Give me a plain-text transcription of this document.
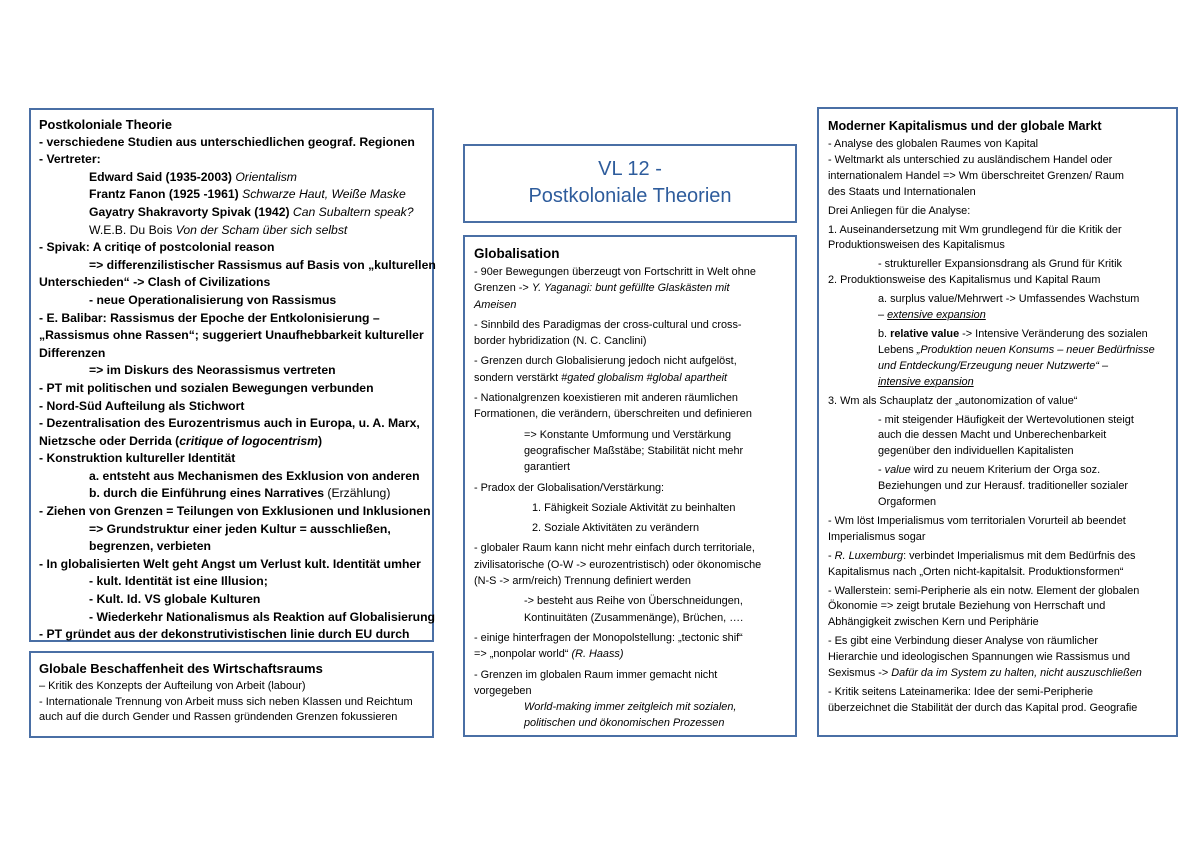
Postkoloniale Theorie
- verschiedene Studien aus unterschiedlichen geograf. Regionen
- Vertreter:
Edward Said (1935-2003) Orientalism
Frantz Fanon (1925 -1961) Schwarze Haut, Weiße Maske
Gayatry Shakravorty Spivak (1942) Can Subaltern speak?
W.E.B. Du Bois Von der Scham über sich selbst
- Spivak: A critiqe of postcolonial reason
=> differenzilistischer Rassismus auf Basis von „kulturellen
Unterschieden“ -> Clash of Civilizations
- neue Operationalisierung von Rassismus
- E. Balibar: Rassismus der Epoche der Entkolonisierung –
„Rassismus ohne Rassen“; suggeriert Unaufhebbarkeit kultureller
Differenzen
=> im Diskurs des Neorassismus vertreten
- PT mit politischen und sozialen Bewegungen verbunden
- Nord-Süd Aufteilung als Stichwort
- Dezentralisation des Eurozentrismus auch in Europa, u. A. Marx,
Nietzsche oder Derrida (critique of logocentrism)
- Konstruktion kultureller Identität
a. entsteht aus Mechanismen des Exklusion von anderen
b. durch die Einführung eines Narratives (Erzählung)
- Ziehen von Grenzen = Teilungen von Exklusionen und Inklusionen
=> Grundstruktur einer jeden Kultur = ausschließen,
begrenzen, verbieten
- In globalisierten Welt geht Angst um Verlust kult. Identität umher
- kult. Identität ist eine Illusion;
- Kult. Id. VS globale Kulturen
- Wiederkehr Nationalismus als Reaktion auf Globalisierung
- PT gründet aus der dekonstrutivistischen linie durch EU durch
Globale Beschaffenheit des Wirtschaftsraums
– Kritik des Konzepts der Aufteilung von Arbeit (labour)
- Internationale Trennung von Arbeit muss sich neben Klassen und Reichtum
auch auf die durch Gender und Rassen gründenden Grenzen fokussieren
VL 12 -
Postkoloniale Theorien
Globalisation
- 90er Bewegungen überzeugt von Fortschritt in Welt ohne
Grenzen -> Y. Yaganagi: bunt gefüllte Glaskästen mit
Ameisen
- Sinnbild des Paradigmas der cross-cultural und cross-
border hybridization (N. C. Canclini)
- Grenzen durch Globalisierung jedoch nicht aufgelöst,
sondern verstärkt #gated globalism #global apartheit
- Nationalgrenzen koexistieren mit anderen räumlichen
Formationen, die verändern, überschreiten und definieren
=> Konstante Umformung und Verstärkung
geografischer Maßstäbe; Stabilität nicht mehr
garantiert
- Pradox der Globalisation/Verstärkung:
1. Fähigkeit Soziale Aktivität zu beinhalten
2. Soziale Aktivitäten zu verändern
- globaler Raum kann nicht mehr einfach durch territoriale,
zivilisatorische (O-W -> eurozentristisch) oder ökonomische
(N-S -> arm/reich) Trennung definiert werden
-> besteht aus Reihe von Überschneidungen,
Kontinuitäten (Zusammenänge), Brüchen, ….
- einige hinterfragen der Monopolstellung: „tectonic shif“
=> „nonpolar world“ (R. Haass)
- Grenzen im globalen Raum immer gemacht nicht
vorgegeben
World-making immer zeitgleich mit sozialen,
politischen und ökonomischen Prozessen
Moderner Kapitalismus und der globale Markt
- Analyse des globalen Raumes von Kapital
- Weltmarkt als unterschied zu ausländischem Handel oder
internationalem Handel => Wm überschreitet Grenzen/ Raum
des Staats und Internationalen
Drei Anliegen für die Analyse:
1. Auseinandersetzung mit Wm grundlegend für die Kritik der
Produktionsweisen des Kapitalismus
- struktureller Expansionsdrang als Grund für Kritik
2. Produktionsweise des Kapitalismus und Kapital Raum
a. surplus value/Mehrwert -> Umfassendes Wachstum
– extensive expansion
b. relative value -> Intensive Veränderung des sozialen
Lebens „Produktion neuen Konsums – neuer Bedürfnisse
und Entdeckung/Erzeugung neuer Nutzwerte“ –
intensive expansion
3. Wm als Schauplatz der „autonomization of value“
- mit steigender Häufigkeit der Wertevolutionen steigt
auch die dessen Macht und Unberechenbarkeit
gegenüber den individuellen Kapitalisten
- value wird zu neuem Kriterium der Orga soz.
Beziehungen und zur Herausf. traditioneller sozialer
Orgaformen
- Wm löst Imperialismus vom territorialen Vorurteil ab beendet
Imperialismus sogar
- R. Luxemburg: verbindet Imperialismus mit dem Bedürfnis des
Kapitalismus nach „Orten nicht-kapitalsit. Produktionsformen“
- Wallerstein: semi-Peripherie als ein notw. Element der globalen
Ökonomie => zeigt brutale Beziehung von Herrschaft und
Abhängigkeit zwischen Kern und Periphärie
- Es gibt eine Verbindung dieser Analyse von räumlicher
Hierarchie und ideologischen Spannungen wie Rassismus und
Sexismus -> Dafür da im System zu halten, nicht auszuschließen
- Kritik seitens Lateinamerika: Idee der semi-Peripherie
überzeichnet die Stabilität der durch das Kapital prod. Geografie
